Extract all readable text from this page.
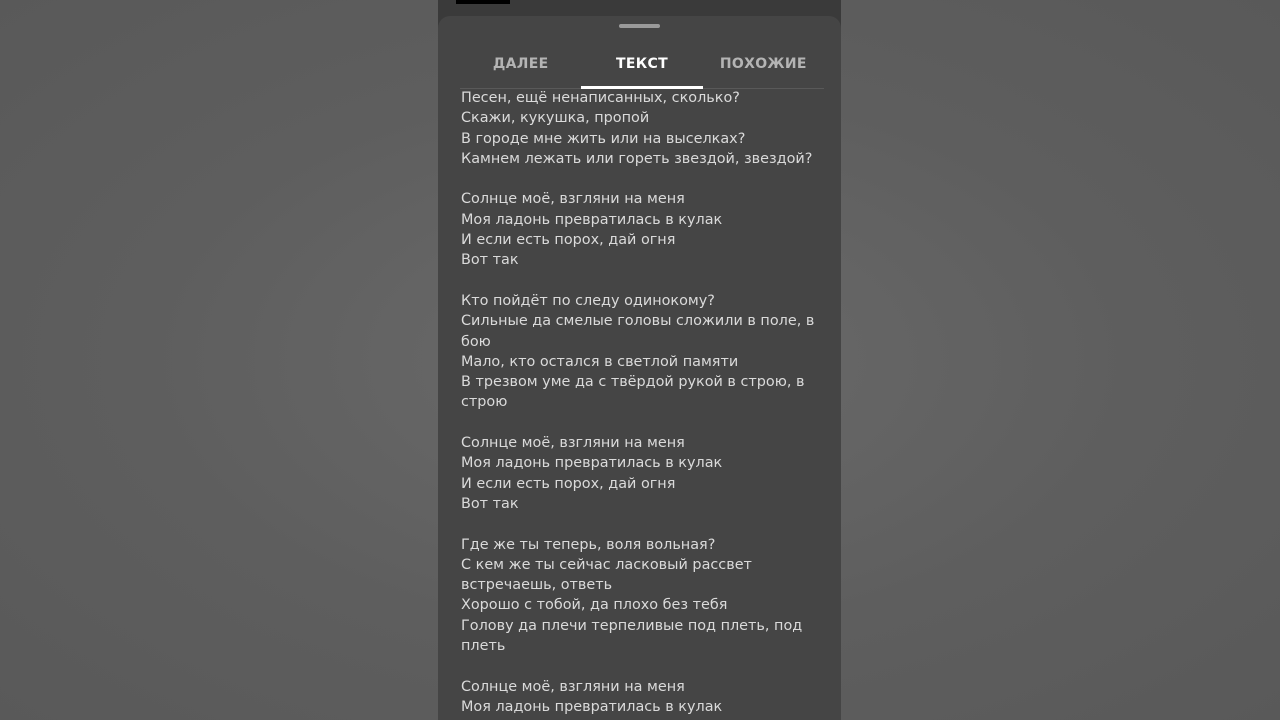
ДАЛЕЕ	ТЕКСТ	ПОХОЖИЕ
Песен, ещё ненаписанных, сколько?
Скажи, кукушка, пропой
В городе мне жить или на выселках?
Камнем лежать или гореть звездой, звездой?
Солнце моё, взгляни на меня
Моя ладонь превратилась в кулак
И если есть порох, дай огня
Вот так
Кто пойдёт по следу одинокому?
Сильные да смелые головы сложили в поле, в бою
Мало, кто остался в светлой памяти
В трезвом уме да с твёрдой рукой в строю, в строю
Солнце моё, взгляни на меня
Моя ладонь превратилась в кулак
И если есть порох, дай огня
Вот так
Где же ты теперь, воля вольная?
С кем же ты сейчас ласковый рассвет встречаешь, ответь
Хорошо с тобой, да плохо без тебя
Голову да плечи терпеливые под плеть, под плеть
Солнце моё, взгляни на меня
Моя ладонь превратилась в кулак
